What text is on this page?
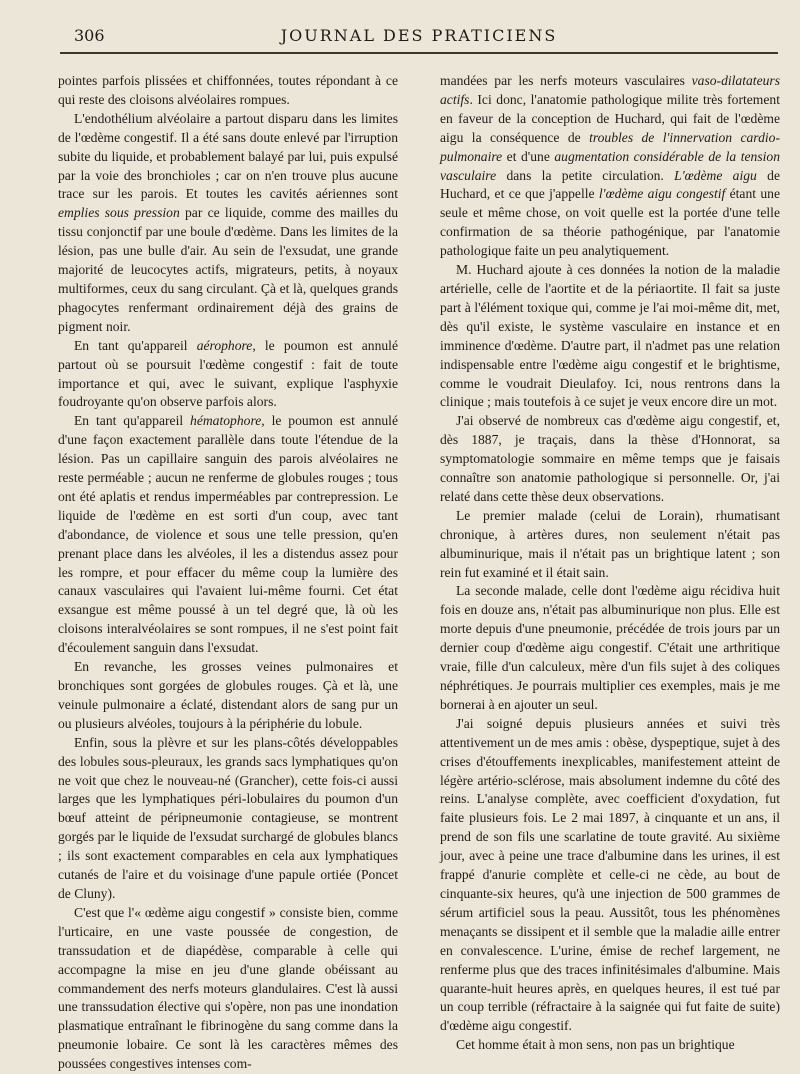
306	JOURNAL DES PRATICIENS

pointes parfois plissées et chiffonnées, toutes répondant à ce qui reste des cloisons alvéolaires rompues.

L'endothélium alvéolaire a partout disparu dans les limites de l'œdème congestif. Il a été sans doute enlevé par l'irruption subite du liquide, et probablement balayé par lui, puis expulsé par la voie des bronchioles ; car on n'en trouve plus aucune trace sur les parois. Et toutes les cavités aériennes sont emplies sous pression par ce liquide, comme des mailles du tissu conjonctif par une boule d'œdème. Dans les limites de la lésion, pas une bulle d'air. Au sein de l'exsudat, une grande majorité de leucocytes actifs, migrateurs, petits, à noyaux multiformes, ceux du sang circulant. Çà et là, quelques grands phagocytes renfermant ordinairement déjà des grains de pigment noir.

En tant qu'appareil aérophore, le poumon est annulé partout où se poursuit l'œdème congestif : fait de toute importance et qui, avec le suivant, explique l'asphyxie foudroyante qu'on observe parfois alors.

En tant qu'appareil hématophore, le poumon est annulé d'une façon exactement parallèle dans toute l'étendue de la lésion. Pas un capillaire sanguin des parois alvéolaires ne reste perméable ; aucun ne renferme de globules rouges ; tous ont été aplatis et rendus imperméables par contrepression. Le liquide de l'œdème en est sorti d'un coup, avec tant d'abondance, de violence et sous une telle pression, qu'en prenant place dans les alvéoles, il les a distendus assez pour les rompre, et pour effacer du même coup la lumière des canaux vasculaires qui l'avaient lui-même fourni. Cet état exsangue est même poussé à un tel degré que, là où les cloisons interalvéolaires se sont rompues, il ne s'est point fait d'écoulement sanguin dans l'exsudat.

En revanche, les grosses veines pulmonaires et bronchiques sont gorgées de globules rouges. Çà et là, une veinule pulmonaire a éclaté, distendant alors de sang pur un ou plusieurs alvéoles, toujours à la périphérie du lobule.

Enfin, sous la plèvre et sur les plans-côtés développables des lobules sous-pleuraux, les grands sacs lymphatiques qu'on ne voit que chez le nouveau-né (Grancher), cette fois-ci aussi larges que les lymphatiques péri-lobulaires du poumon d'un bœuf atteint de péripneumonie contagieuse, se montrent gorgés par le liquide de l'exsudat surchargé de globules blancs ; ils sont exactement comparables en cela aux lymphatiques cutanés de l'aire et du voisinage d'une papule ortiée (Poncet de Cluny).

C'est que l'« œdème aigu congestif » consiste bien, comme l'urticaire, en une vaste poussée de congestion, de transsudation et de diapédèse, comparable à celle qui accompagne la mise en jeu d'une glande obéissant au commandement des nerfs moteurs glandulaires. C'est là aussi une transsudation élective qui s'opère, non pas une inondation plasmatique entraînant le fibrinogène du sang comme dans la pneumonie lobaire. Ce sont là les caractères mêmes des poussées congestives intenses com-

mandées par les nerfs moteurs vasculaires vaso-dilatateurs actifs. Ici donc, l'anatomie pathologique milite très fortement en faveur de la conception de Huchard, qui fait de l'œdème aigu la conséquence de troubles de l'innervation cardio-pulmonaire et d'une augmentation considérable de la tension vasculaire dans la petite circulation. L'œdème aigu de Huchard, et ce que j'appelle l'œdème aigu congestif étant une seule et même chose, on voit quelle est la portée d'une telle confirmation de sa théorie pathogénique, par l'anatomie pathologique faite un peu analytiquement.

M. Huchard ajoute à ces données la notion de la maladie artérielle, celle de l'aortite et de la périaortite. Il fait sa juste part à l'élément toxique qui, comme je l'ai moi-même dit, met, dès qu'il existe, le système vasculaire en instance et en imminence d'œdème. D'autre part, il n'admet pas une relation indispensable entre l'œdème aigu congestif et le brightisme, comme le voudrait Dieulafoy. Ici, nous rentrons dans la clinique ; mais toutefois à ce sujet je veux encore dire un mot.

J'ai observé de nombreux cas d'œdème aigu congestif, et, dès 1887, je traçais, dans la thèse d'Honnorat, sa symptomatologie sommaire en même temps que je faisais connaître son anatomie pathologique si personnelle. Or, j'ai relaté dans cette thèse deux observations.

Le premier malade (celui de Lorain), rhumatisant chronique, à artères dures, non seulement n'était pas albuminurique, mais il n'était pas un brightique latent ; son rein fut examiné et il était sain.

La seconde malade, celle dont l'œdème aigu récidiva huit fois en douze ans, n'était pas albuminurique non plus. Elle est morte depuis d'une pneumonie, précédée de trois jours par un dernier coup d'œdème aigu congestif. C'était une arthritique vraie, fille d'un calculeux, mère d'un fils sujet à des coliques néphrétiques. Je pourrais multiplier ces exemples, mais je me bornerai à en ajouter un seul.

J'ai soigné depuis plusieurs années et suivi très attentivement un de mes amis : obèse, dyspeptique, sujet à des crises d'étouffements inexplicables, manifestement atteint de légère artério-sclérose, mais absolument indemne du côté des reins. L'analyse complète, avec coefficient d'oxydation, fut faite plusieurs fois. Le 2 mai 1897, à cinquante et un ans, il prend de son fils une scarlatine de toute gravité. Au sixième jour, avec à peine une trace d'albumine dans les urines, il est frappé d'anurie complète et celle-ci ne cède, au bout de cinquante-six heures, qu'à une injection de 500 grammes de sérum artificiel sous la peau. Aussitôt, tous les phénomènes menaçants se dissipent et il semble que la maladie aille entrer en convalescence. L'urine, émise de rechef largement, ne renferme plus que des traces infinitésimales d'albumine. Mais quarante-huit heures après, en quelques heures, il est tué par un coup terrible (réfractaire à la saignée qui fut faite de suite) d'œdème aigu congestif.

Cet homme était à mon sens, non pas un brightique
